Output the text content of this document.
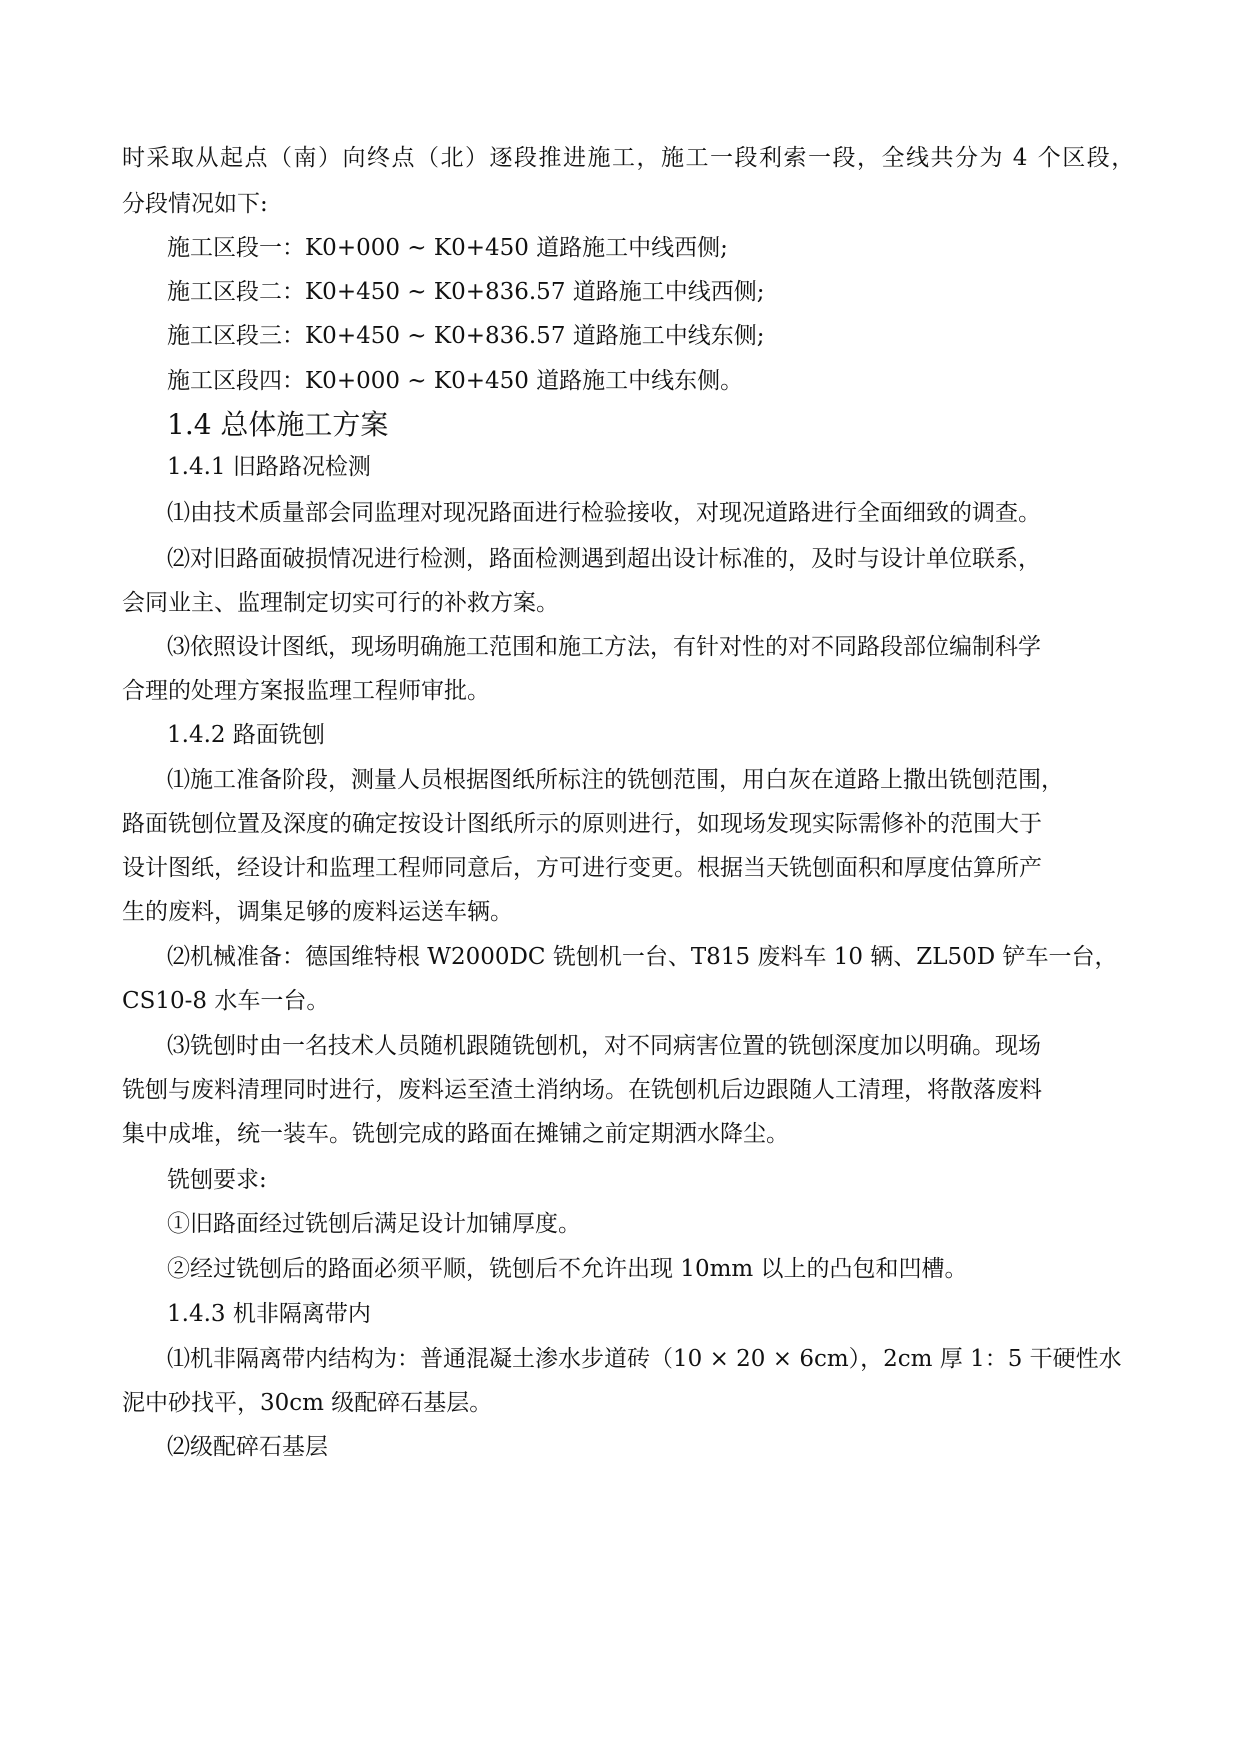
时采取从起点（南）向终点（北）逐段推进施工，施工一段利索一段，全线共分为 4 个区段，

分段情况如下:

施工区段一：K0+000 ~ K0+450 道路施工中线西侧;

施工区段二：K0+450 ~ K0+836.57 道路施工中线西侧;

施工区段三：K0+450 ~ K0+836.57 道路施工中线东侧;

施工区段四：K0+000 ~ K0+450 道路施工中线东侧。

1.4 总体施工方案
1.4.1 旧路路况检测

⑴由技术质量部会同监理对现况路面进行检验接收，对现况道路进行全面细致的调查。

⑵对旧路面破损情况进行检测，路面检测遇到超出设计标准的，及时与设计单位联系，

会同业主、监理制定切实可行的补救方案。

⑶依照设计图纸，现场明确施工范围和施工方法，有针对性的对不同路段部位编制科学

合理的处理方案报监理工程师审批。

1.4.2 路面铣刨

⑴施工准备阶段，测量人员根据图纸所标注的铣刨范围，用白灰在道路上撒出铣刨范围，

路面铣刨位置及深度的确定按设计图纸所示的原则进行，如现场发现实际需修补的范围大于

设计图纸，经设计和监理工程师同意后，方可进行变更。根据当天铣刨面积和厚度估算所产

生的废料，调集足够的废料运送车辆。

⑵机械准备：德国维特根 W2000DC 铣刨机一台、T815 废料车 10 辆、ZL50D 铲车一台，

CS10-8 水车一台。

⑶铣刨时由一名技术人员随机跟随铣刨机，对不同病害位置的铣刨深度加以明确。现场

铣刨与废料清理同时进行，废料运至渣土消纳场。在铣刨机后边跟随人工清理，将散落废料

集中成堆，统一装车。铣刨完成的路面在摊铺之前定期洒水降尘。

铣刨要求:

①旧路面经过铣刨后满足设计加铺厚度。

②经过铣刨后的路面必须平顺，铣刨后不允许出现 10mm 以上的凸包和凹槽。

1.4.3 机非隔离带内

⑴机非隔离带内结构为：普通混凝土渗水步道砖（10 × 20 × 6cm），2cm 厚 1：5 干硬性水

泥中砂找平，30cm 级配碎石基层。

⑵级配碎石基层
